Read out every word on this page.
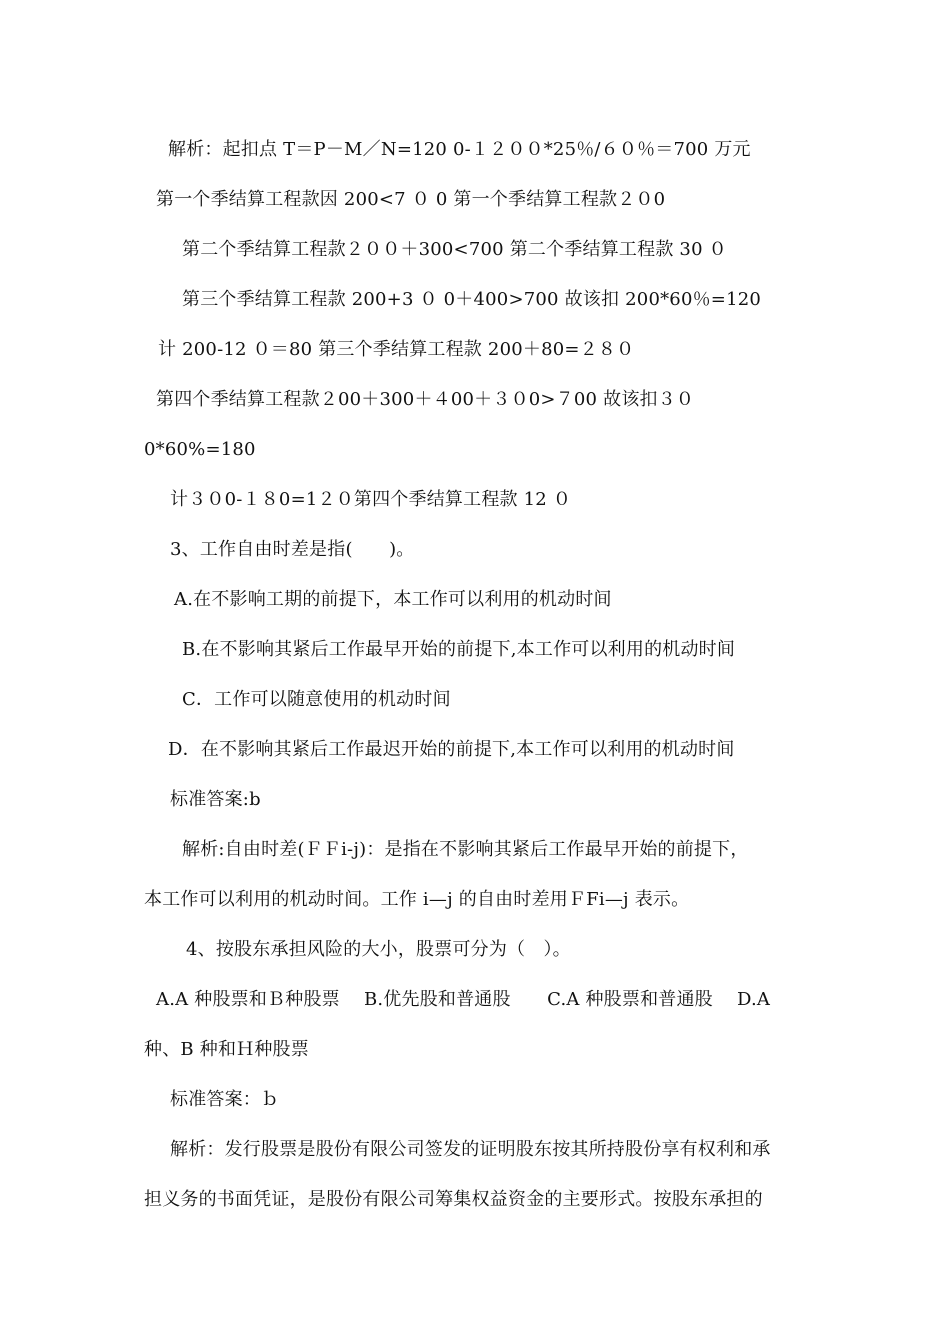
解析：起扣点 T＝P－M／N=120 0-１２００*25％/６０％＝700 万元
第一个季结算工程款因 200<7 ０ 0 第一个季结算工程款２０0
第二个季结算工程款２００＋300<700 第二个季结算工程款 30 ０
第三个季结算工程款 200+3 ０ 0＋400>700 故该扣 200*60％=120
计 200-12 ０＝80 第三个季结算工程款 200＋80=２８０
第四个季结算工程款２00＋300＋４00＋３０0>７00 故该扣３０
0*60%=180
计３０0-１８0=1２０第四个季结算工程款 12 ０
3、工作自由时差是指(　　)。
A.在不影响工期的前提下，本工作可以利用的机动时间
B.在不影响其紧后工作最早开始的前提下,本工作可以利用的机动时间
C．工作可以随意使用的机动时间
D．在不影响其紧后工作最迟开始的前提下,本工作可以利用的机动时间
标准答案:b
解析:自由时差(ＦＦi-j)：是指在不影响其紧后工作最早开始的前提下，
本工作可以利用的机动时间。工作 i—j 的自由时差用ＦFi—j 表示。
4、按股东承担风险的大小，股票可分为（　）。
A.A 种股票和Ｂ种股票　 B.优先股和普通股　　C.A 种股票和普通股　 D.A
种、B 种和Ｈ种股票
标准答案：ｂ
解析：发行股票是股份有限公司签发的证明股东按其所持股份享有权利和承
担义务的书面凭证，是股份有限公司筹集权益资金的主要形式。按股东承担的
